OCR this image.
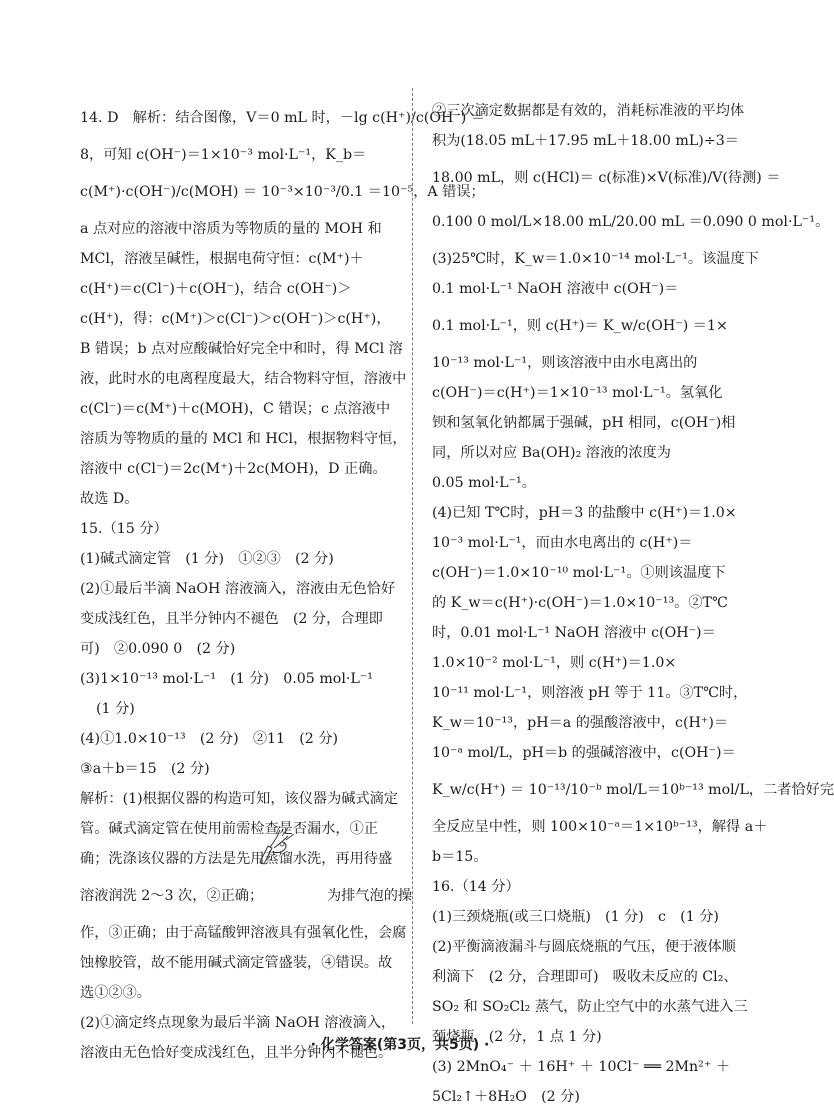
14. D　解析：结合图像，V＝0 mL 时，－lg c(H⁺)/c(OH⁻) ＝
8，可知 c(OH⁻)＝1×10⁻³ mol·L⁻¹，K_b＝
c(M⁺)·c(OH⁻)/c(MOH) ＝ 10⁻³×10⁻³/0.1 ＝10⁻⁵，A 错误；
a 点对应的溶液中溶质为等物质的量的 MOH 和
MCl，溶液呈碱性，根据电荷守恒：c(M⁺)＋
c(H⁺)＝c(Cl⁻)＋c(OH⁻)，结合 c(OH⁻)＞
c(H⁺)，得：c(M⁺)＞c(Cl⁻)＞c(OH⁻)＞c(H⁺)，
B 错误；b 点对应酸碱恰好完全中和时，得 MCl 溶
液，此时水的电离程度最大，结合物料守恒，溶液中
c(Cl⁻)＝c(M⁺)＋c(MOH)，C 错误；c 点溶液中
溶质为等物质的量的 MCl 和 HCl，根据物料守恒，
溶液中 c(Cl⁻)＝2c(M⁺)＋2c(MOH)，D 正确。
故选 D。
15.（15 分）
(1)碱式滴定管　(1 分)　①②③　(2 分)
(2)①最后半滴 NaOH 溶液滴入，溶液由无色恰好
变成浅红色，且半分钟内不褪色　(2 分，合理即
可)　②0.090 0　(2 分)
(3)1×10⁻¹³ mol·L⁻¹　(1 分)　0.05 mol·L⁻¹
(1 分)
(4)①1.0×10⁻¹³　(2 分)　②11　(2 分)
③a＋b＝15　(2 分)
解析：(1)根据仪器的构造可知，该仪器为碱式滴定
管。碱式滴定管在使用前需检查是否漏水，①正
确；洗涤该仪器的方法是先用蒸馏水洗，再用待盛
溶液润洗 2～3 次，②正确；　　　　　为排气泡的操
作，③正确；由于高锰酸钾溶液具有强氧化性，会腐
蚀橡胶管，故不能用碱式滴定管盛装，④错误。故
选①②③。
(2)①滴定终点现象为最后半滴 NaOH 溶液滴入，
溶液由无色恰好变成浅红色，且半分钟内不褪色。
②三次滴定数据都是有效的，消耗标准液的平均体
积为(18.05 mL＋17.95 mL＋18.00 mL)÷3＝
18.00 mL，则 c(HCl)＝ c(标准)×V(标准)/V(待测) ＝
0.100 0 mol/L×18.00 mL/20.00 mL ＝0.090 0 mol·L⁻¹。
(3)25℃时，K_w＝1.0×10⁻¹⁴ mol·L⁻¹。该温度下
0.1 mol·L⁻¹ NaOH 溶液中 c(OH⁻)＝
0.1 mol·L⁻¹，则 c(H⁺)＝ K_w/c(OH⁻) ＝1×
10⁻¹³ mol·L⁻¹，则该溶液中由水电离出的
c(OH⁻)＝c(H⁺)＝1×10⁻¹³ mol·L⁻¹。氢氧化
钡和氢氧化钠都属于强碱，pH 相同，c(OH⁻)相
同，所以对应 Ba(OH)₂ 溶液的浓度为
0.05 mol·L⁻¹。
(4)已知 T℃时，pH＝3 的盐酸中 c(H⁺)＝1.0×
10⁻³ mol·L⁻¹，而由水电离出的 c(H⁺)＝
c(OH⁻)＝1.0×10⁻¹⁰ mol·L⁻¹。①则该温度下
的 K_w＝c(H⁺)·c(OH⁻)＝1.0×10⁻¹³。②T℃
时，0.01 mol·L⁻¹ NaOH 溶液中 c(OH⁻)＝
1.0×10⁻² mol·L⁻¹，则 c(H⁺)＝1.0×
10⁻¹¹ mol·L⁻¹，则溶液 pH 等于 11。③T℃时，
K_w＝10⁻¹³，pH＝a 的强酸溶液中，c(H⁺)＝
10⁻ᵃ mol/L，pH＝b 的强碱溶液中，c(OH⁻)＝
K_w/c(H⁺) ＝ 10⁻¹³/10⁻ᵇ mol/L＝10ᵇ⁻¹³ mol/L，二者恰好完
全反应呈中性，则 100×10⁻ᵃ＝1×10ᵇ⁻¹³，解得 a＋
b＝15。
16.（14 分）
(1)三颈烧瓶(或三口烧瓶)　(1 分)　c　(1 分)
(2)平衡滴液漏斗与圆底烧瓶的气压，便于液体顺
利滴下　(2 分，合理即可)　吸收未反应的 Cl₂、
SO₂ 和 SO₂Cl₂ 蒸气，防止空气中的水蒸气进入三
颈烧瓶　(2 分，1 点 1 分)
(3) 2MnO₄⁻ ＋ 16H⁺ ＋ 10Cl⁻ ══ 2Mn²⁺ ＋
5Cl₂↑＋8H₂O　(2 分)
· 化学答案(第3页，共5页) ·
